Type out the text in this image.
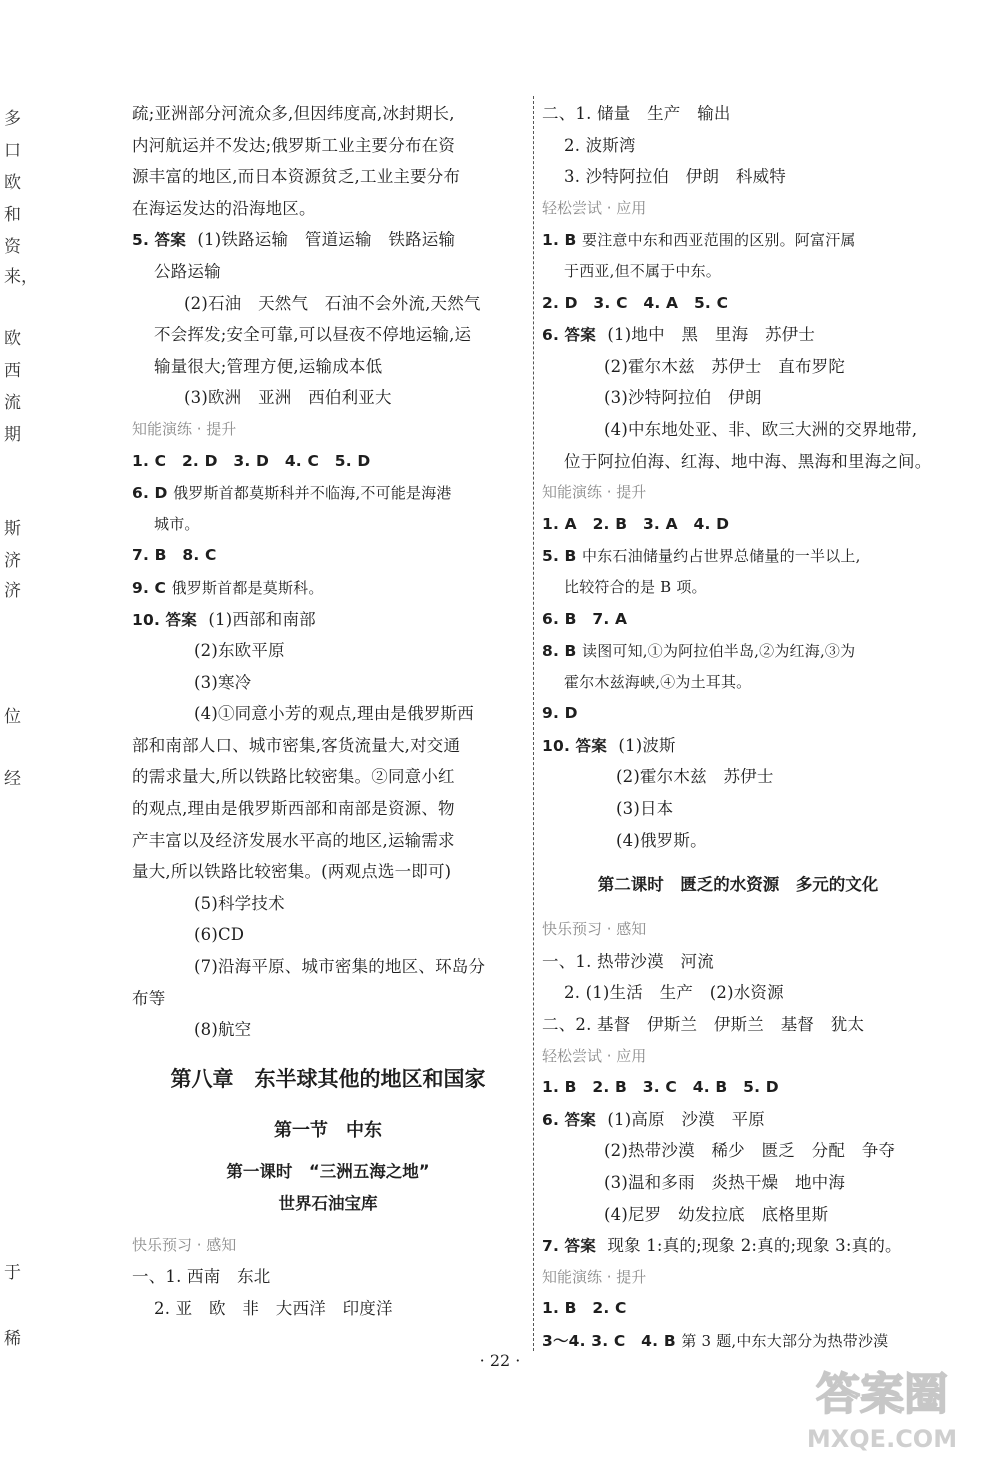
多
口
欧
和
资
来，
欧
西
流
期
斯
济
济
位
经
于
稀
疏;亚洲部分河流众多,但因纬度高,冰封期长,
内河航运并不发达;俄罗斯工业主要分布在资
源丰富的地区,而日本资源贫乏,工业主要分布
在海运发达的沿海地区。
5. 答案 (1)铁路运输　管道运输　铁路运输
公路运输
(2)石油　天然气　石油不会外流,天然气
不会挥发;安全可靠,可以昼夜不停地运输,运
输量很大;管理方便,运输成本低
(3)欧洲　亚洲　西伯利亚大
知能演练 · 提升
1. C　2. D　3. D　4. C　5. D
6. D 俄罗斯首都莫斯科并不临海,不可能是海港
城市。
7. B　8. C
9. C 俄罗斯首都是莫斯科。
10. 答案 (1)西部和南部
(2)东欧平原
(3)寒冷
(4)①同意小芳的观点,理由是俄罗斯西
部和南部人口、城市密集,客货流量大,对交通
的需求量大,所以铁路比较密集。②同意小红
的观点,理由是俄罗斯西部和南部是资源、物
产丰富以及经济发展水平高的地区,运输需求
量大,所以铁路比较密集。(两观点选一即可)
(5)科学技术
(6)CD
(7)沿海平原、城市密集的地区、环岛分
布等
(8)航空
第八章　东半球其他的地区和国家
第一节　中东
第一课时　“三洲五海之地”
世界石油宝库
快乐预习 · 感知
一、1. 西南　东北
2. 亚　欧　非　大西洋　印度洋
二、1. 储量　生产　输出
2. 波斯湾
3. 沙特阿拉伯　伊朗　科威特
轻松尝试 · 应用
1. B 要注意中东和西亚范围的区别。阿富汗属
于西亚,但不属于中东。
2. D　3. C　4. A　5. C
6. 答案 (1)地中　黑　里海　苏伊士
(2)霍尔木兹　苏伊士　直布罗陀
(3)沙特阿拉伯　伊朗
(4)中东地处亚、非、欧三大洲的交界地带,
位于阿拉伯海、红海、地中海、黑海和里海之间。
知能演练 · 提升
1. A　2. B　3. A　4. D
5. B 中东石油储量约占世界总储量的一半以上,
比较符合的是 B 项。
6. B　7. A
8. B 读图可知,①为阿拉伯半岛,②为红海,③为
霍尔木兹海峡,④为土耳其。
9. D
10. 答案 (1)波斯
(2)霍尔木兹　苏伊士
(3)日本
(4)俄罗斯。
第二课时　匮乏的水资源　多元的文化
快乐预习 · 感知
一、1. 热带沙漠　河流
2. (1)生活　生产　(2)水资源
二、2. 基督　伊斯兰　伊斯兰　基督　犹太
轻松尝试 · 应用
1. B　2. B　3. C　4. B　5. D
6. 答案 (1)高原　沙漠　平原
(2)热带沙漠　稀少　匮乏　分配　争夺
(3)温和多雨　炎热干燥　地中海
(4)尼罗　幼发拉底　底格里斯
7. 答案 现象 1:真的;现象 2:真的;现象 3:真的。
知能演练 · 提升
1. B　2. C
3～4. 3. C　4. B 第 3 题,中东大部分为热带沙漠
· 22 ·
答案圈
MXQE.COM
